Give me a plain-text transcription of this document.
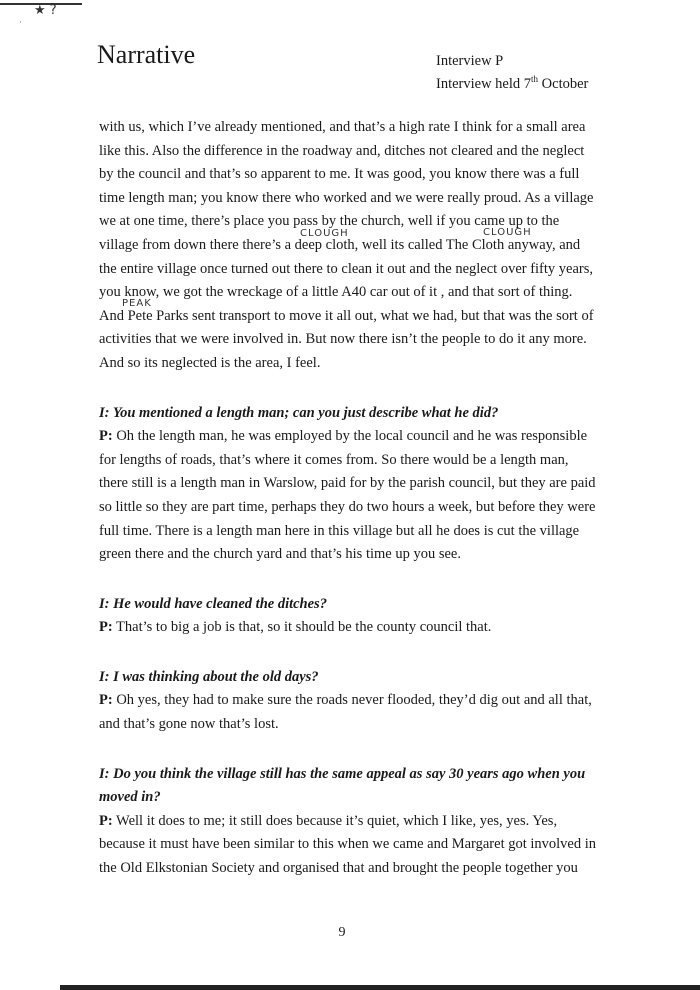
★ ?
ʿ
Narrative	Interview P
Interview held 7th October
with us, which I’ve already mentioned, and that’s a high rate I think for a small area
like this. Also the difference in the roadway and, ditches not cleared and the neglect
by the council and that’s so apparent to me. It was good, you know there was a full
time length man; you know there who worked and we were really proud. As a village
we at one time, there’s place you pass by the church, well if you came up to the
village from down there there’s a deep cloth, well its called The Cloth anyway, and
the entire village once turned out there to clean it out and the neglect over fifty years,
you know, we got the wreckage of a little A40 car out of it , and that sort of thing.
And Pete Parks sent transport to move it all out, what we had, but that was the sort of
activities that we were involved in. But now there isn’t the people to do it any more.
And so its neglected is the area, I feel.
I: You mentioned a length man; can you just describe what he did?
P: Oh the length man, he was employed by the local council and he was responsible
for lengths of roads, that’s where it comes from. So there would be a length man,
there still is a length man in Warslow, paid for by the parish council, but they are paid
so little so they are part time, perhaps they do two hours a week, but before they were
full time. There is a length man here in this village but all he does is cut the village
green there and the church yard and that’s his time up you see.
I: He would have cleaned the ditches?
P: That’s to big a job is that, so it should be the county council that.
I: I was thinking about the old days?
P: Oh yes, they had to make sure the roads never flooded, they’d dig out and all that,
and that’s gone now that’s lost.
I: Do you think the village still has the same appeal as say 30 years ago when you
moved in?
P: Well it does to me; it still does because it’s quiet, which I like, yes, yes. Yes,
because it must have been similar to this when we came and Margaret got involved in
the Old Elkstonian Society and organised that and brought the people together you
CLOUGH	CLOUGH
PEAK
9
